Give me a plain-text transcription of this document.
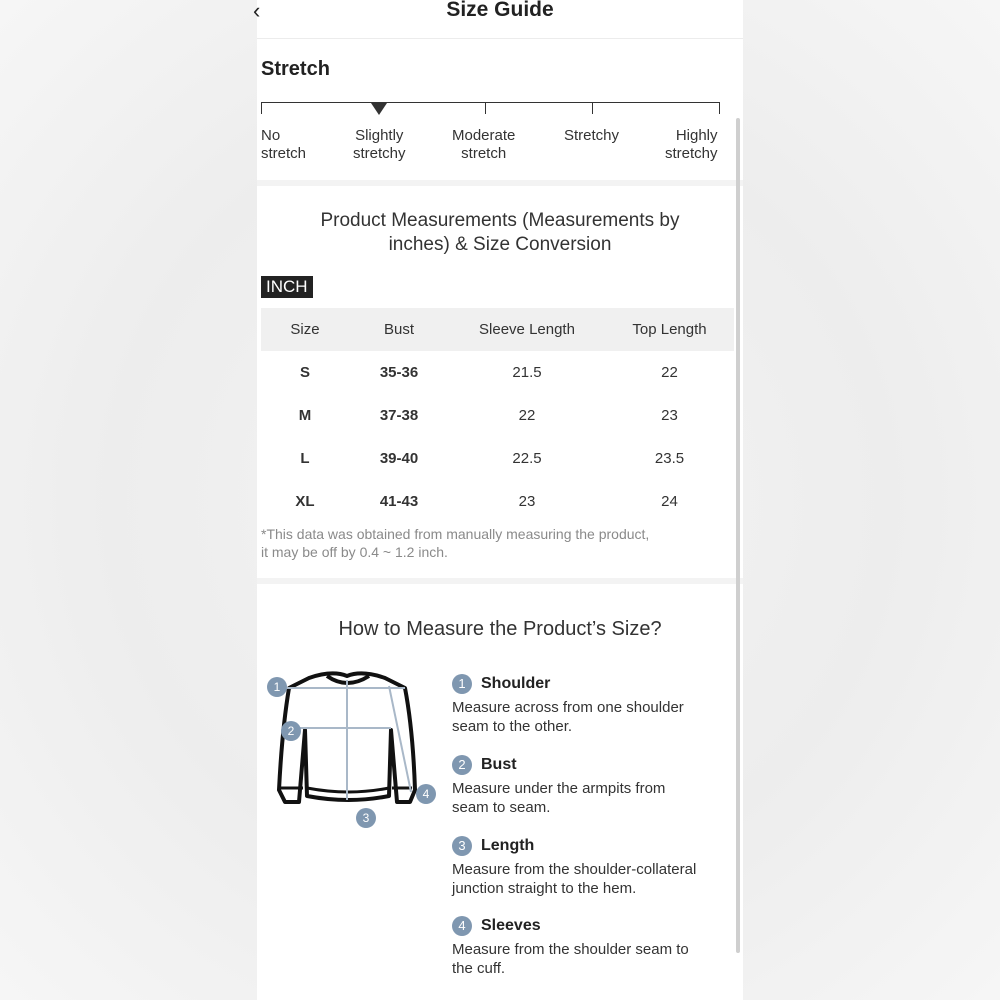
‹	Size Guide
Stretch
No
stretch
Slightly
stretchy
Moderate
stretch
Stretchy	Highly
stretchy
Product Measurements (Measurements by
inches) & Size Conversion
INCH
Size	Bust	Sleeve Length	Top Length
S	35-36	21.5	22
M	37-38	22	23
L	39-40	22.5	23.5
XL	41-43	23	24
*This data was obtained from manually measuring the product,
it may be off by 0.4 ~ 1.2 inch.
How to Measure the Product’s Size?
1
2
3
4
1 Shoulder
Measure across from one shoulder
seam to the other.
2 Bust
Measure under the armpits from
seam to seam.
3 Length
Measure from the shoulder-collateral
junction straight to the hem.
4 Sleeves
Measure from the shoulder seam to
the cuff.
